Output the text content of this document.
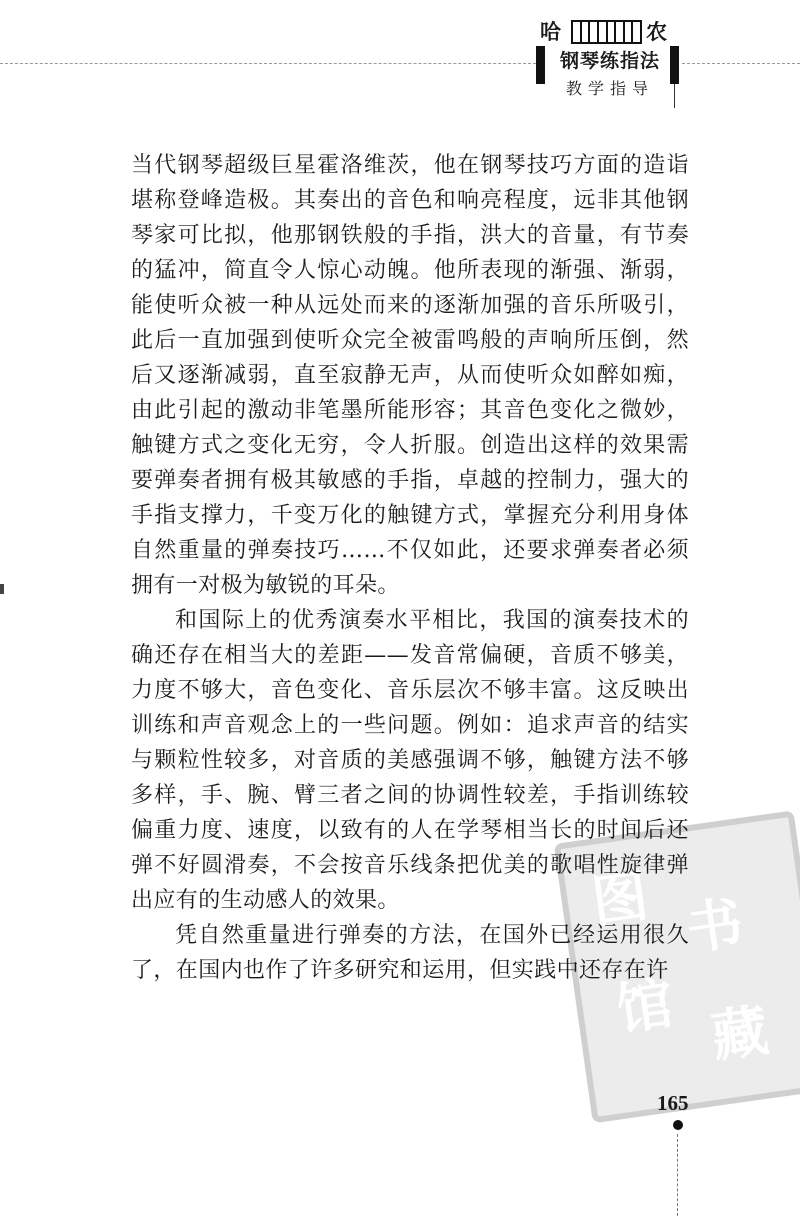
哈	农
钢琴练指法
教学指导
图 书
馆 藏

当代钢琴超级巨星霍洛维茨，他在钢琴技巧方面的造诣堪称登峰造极。其奏出的音色和响亮程度，远非其他钢琴家可比拟，他那钢铁般的手指，洪大的音量，有节奏的猛冲，简直令人惊心动魄。他所表现的渐强、渐弱，能使听众被一种从远处而来的逐渐加强的音乐所吸引，此后一直加强到使听众完全被雷鸣般的声响所压倒，然后又逐渐减弱，直至寂静无声，从而使听众如醉如痴，由此引起的激动非笔墨所能形容；其音色变化之微妙，触键方式之变化无穷，令人折服。创造出这样的效果需要弹奏者拥有极其敏感的手指，卓越的控制力，强大的手指支撑力，千变万化的触键方式，掌握充分利用身体自然重量的弹奏技巧……不仅如此，还要求弹奏者必须拥有一对极为敏锐的耳朵。

和国际上的优秀演奏水平相比，我国的演奏技术的确还存在相当大的差距——发音常偏硬，音质不够美，力度不够大，音色变化、音乐层次不够丰富。这反映出训练和声音观念上的一些问题。例如：追求声音的结实与颗粒性较多，对音质的美感强调不够，触键方法不够多样，手、腕、臂三者之间的协调性较差，手指训练较偏重力度、速度，以致有的人在学琴相当长的时间后还弹不好圆滑奏，不会按音乐线条把优美的歌唱性旋律弹出应有的生动感人的效果。

凭自然重量进行弹奏的方法，在国外已经运用很久了，在国内也作了许多研究和运用，但实践中还存在许

165
